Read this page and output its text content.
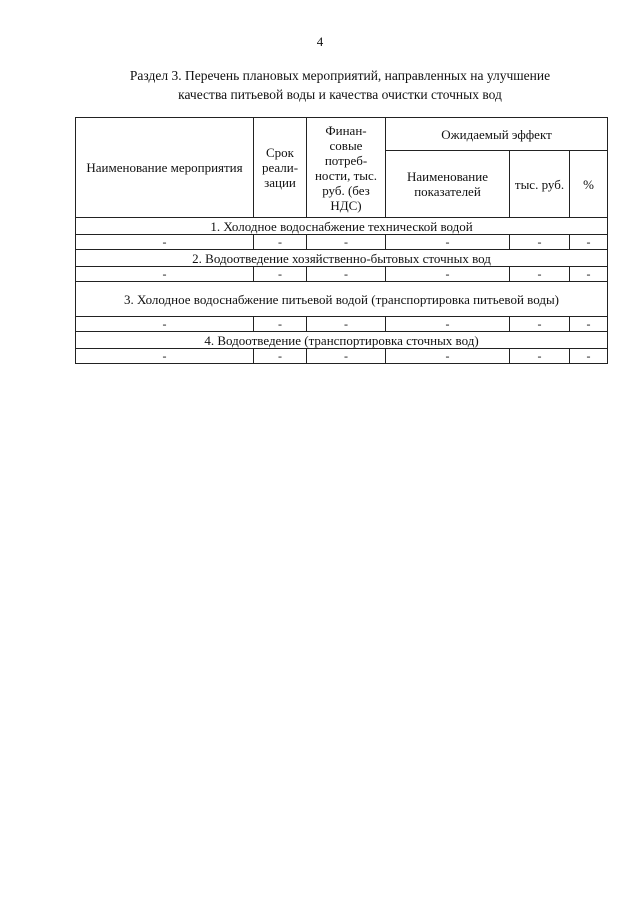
4
Раздел 3. Перечень плановых мероприятий, направленных на улучшение
качества питьевой воды и качества очистки сточных вод
Наименование мероприятия	Срок реали-зации	Финан-совые потреб-ности, тыс. руб. (без НДС)	Ожидаемый эффект		
			Наименование показателей	тыс. руб.	%
1. Холодное водоснабжение технической водой					
-	-	-	-	-	-
2. Водоотведение хозяйственно-бытовых сточных вод					
-	-	-	-	-	-
3. Холодное водоснабжение питьевой водой (транспортировка питьевой воды)					
-	-	-	-	-	-
4. Водоотведение (транспортировка сточных вод)					
-	-	-	-	-	-
